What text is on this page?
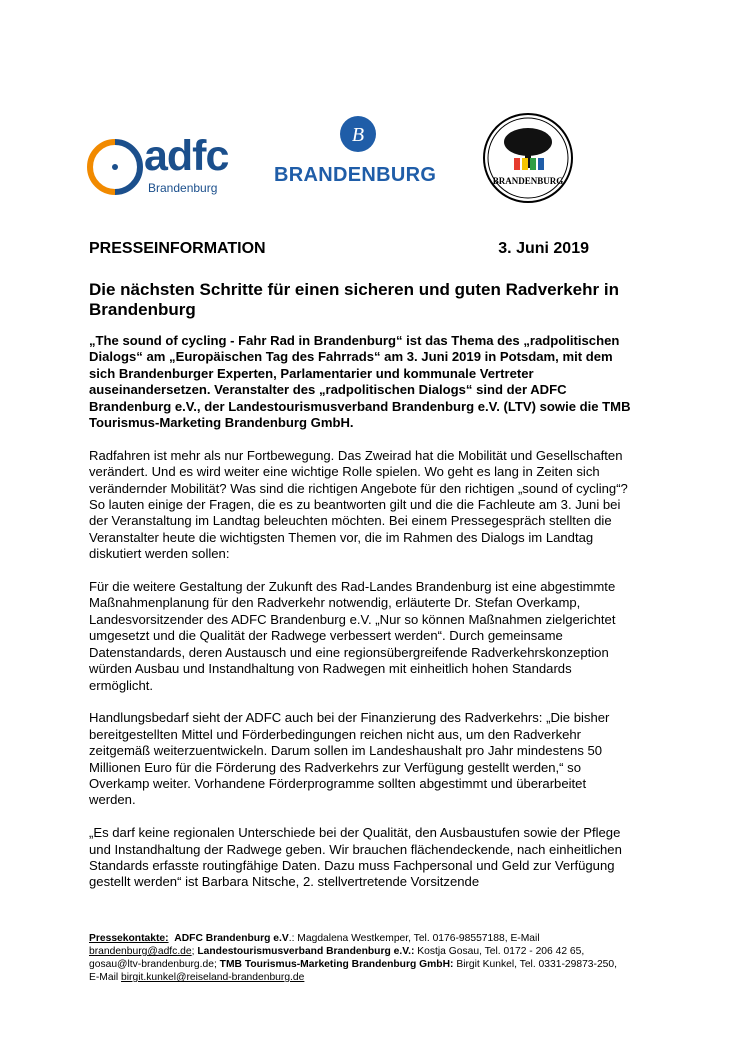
adfc
Brandenburg
B
BRANDENBURG	BRANDENBURG
PRESSEINFORMATION	3. Juni 2019
Die nächsten Schritte für einen sicheren und guten Radverkehr in Brandenburg

„The sound of cycling - Fahr Rad in Brandenburg“ ist das Thema des „radpolitischen Dialogs“ am „Europäischen Tag des Fahrrads“ am 3. Juni 2019 in Potsdam, mit dem sich Brandenburger Experten, Parlamentarier und kommunale Vertreter auseinandersetzen. Veranstalter des „radpolitischen Dialogs“ sind der ADFC Brandenburg e.V., der Landestourismusverband Brandenburg e.V. (LTV) sowie die TMB Tourismus-Marketing Brandenburg GmbH.

Radfahren ist mehr als nur Fortbewegung. Das Zweirad hat die Mobilität und Gesellschaften verändert. Und es wird weiter eine wichtige Rolle spielen. Wo geht es lang in Zeiten sich verändernder Mobilität? Was sind die richtigen Angebote für den richtigen „sound of cycling“? So lauten einige der Fragen, die es zu beantworten gilt und die die Fachleute am 3. Juni bei der Veranstaltung im Landtag beleuchten möchten. Bei einem Pressegespräch stellten die Veranstalter heute die wichtigsten Themen vor, die im Rahmen des Dialogs im Landtag diskutiert werden sollen:

Für die weitere Gestaltung der Zukunft des Rad-Landes Brandenburg ist eine abgestimmte Maßnahmenplanung für den Radverkehr notwendig, erläuterte Dr. Stefan Overkamp, Landesvorsitzender des ADFC Brandenburg e.V. „Nur so können Maßnahmen zielgerichtet umgesetzt und die Qualität der Radwege verbessert werden“. Durch gemeinsame Datenstandards, deren Austausch und eine regionsübergreifende Radverkehrskonzeption würden Ausbau und Instandhaltung von Radwegen mit einheitlich hohen Standards ermöglicht.

Handlungsbedarf sieht der ADFC auch bei der Finanzierung des Radverkehrs: „Die bisher bereitgestellten Mittel und Förderbedingungen reichen nicht aus, um den Radverkehr zeitgemäß weiterzuentwickeln. Darum sollen im Landeshaushalt pro Jahr mindestens 50 Millionen Euro für die Förderung des Radverkehrs zur Verfügung gestellt werden,“ so Overkamp weiter. Vorhandene Förderprogramme sollten abgestimmt und überarbeitet werden.

„Es darf keine regionalen Unterschiede bei der Qualität, den Ausbaustufen sowie der Pflege und Instandhaltung der Radwege geben. Wir brauchen flächendeckende, nach einheitlichen Standards erfasste routingfähige Daten. Dazu muss Fachpersonal und Geld zur Verfügung gestellt werden“ ist Barbara Nitsche, 2. stellvertretende Vorsitzende

Pressekontakte: ADFC Brandenburg e.V.: Magdalena Westkemper, Tel. 0176-98557188, E-Mail brandenburg@adfc.de; Landestourismusverband Brandenburg e.V.: Kostja Gosau, Tel. 0172 - 206 42 65, gosau@ltv-brandenburg.de; TMB Tourismus-Marketing Brandenburg GmbH: Birgit Kunkel, Tel. 0331-29873-250, E-Mail birgit.kunkel@reiseland-brandenburg.de
